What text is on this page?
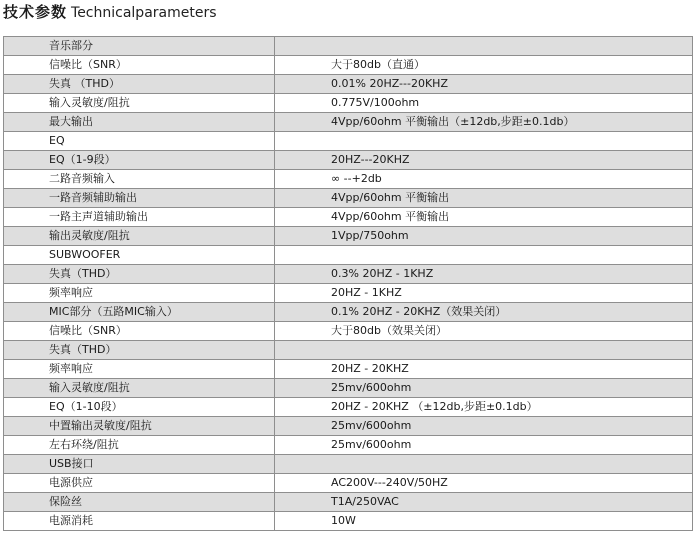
技术参数 Technicalparameters
音乐部分	
信噪比（SNR）	大于80db（直通）
失真 （THD）	0.01% 20HZ---20KHZ
输入灵敏度/阻抗	0.775V/100ohm
最大输出	4Vpp/60ohm 平衡输出（±12db,步距±0.1db）
EQ	
EQ（1-9段）	20HZ---20KHZ
二路音频输入	∞ --+2db
一路音频辅助输出	4Vpp/60ohm 平衡输出
一路主声道辅助输出	4Vpp/60ohm 平衡输出
输出灵敏度/阻抗	1Vpp/750ohm
SUBWOOFER	
失真（THD）	0.3% 20HZ - 1KHZ
频率响应	20HZ - 1KHZ
MIC部分（五路MIC输入）	0.1% 20HZ - 20KHZ（效果关闭）
信噪比（SNR）	大于80db（效果关闭）
失真（THD）	
频率响应	20HZ - 20KHZ
输入灵敏度/阻抗	25mv/600ohm
EQ（1-10段）	20HZ - 20KHZ （±12db,步距±0.1db）
中置输出灵敏度/阻抗	25mv/600ohm
左右环绕/阻抗	25mv/600ohm
USB接口	
电源供应	AC200V---240V/50HZ
保险丝	T1A/250VAC
电源消耗	10W
